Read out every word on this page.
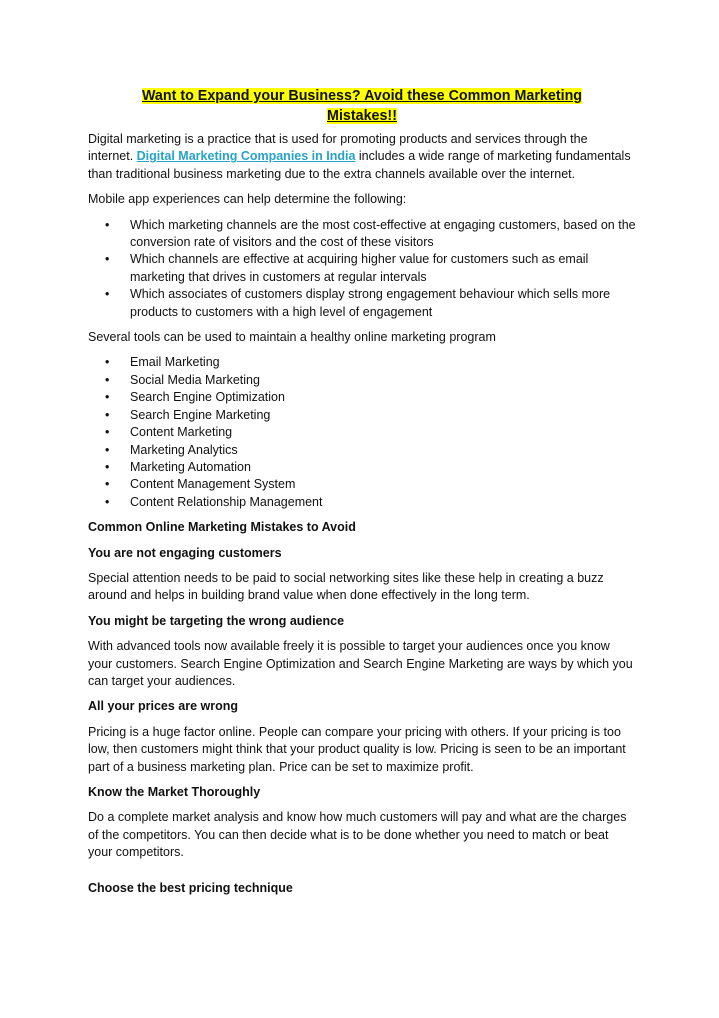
Want to Expand your Business? Avoid these Common Marketing
Mistakes!!

Digital marketing is a practice that is used for promoting products and services through the internet. Digital Marketing Companies in India includes a wide range of marketing fundamentals than traditional business marketing due to the extra channels available over the internet.

Mobile app experiences can help determine the following:

• Which marketing channels are the most cost-effective at engaging customers, based on the conversion rate of visitors and the cost of these visitors
• Which channels are effective at acquiring higher value for customers such as email marketing that drives in customers at regular intervals
• Which associates of customers display strong engagement behaviour which sells more products to customers with a high level of engagement

Several tools can be used to maintain a healthy online marketing program

• Email Marketing
• Social Media Marketing
• Search Engine Optimization
• Search Engine Marketing
• Content Marketing
• Marketing Analytics
• Marketing Automation
• Content Management System
• Content Relationship Management

Common Online Marketing Mistakes to Avoid

You are not engaging customers

Special attention needs to be paid to social networking sites like these help in creating a buzz around and helps in building brand value when done effectively in the long term.

You might be targeting the wrong audience

With advanced tools now available freely it is possible to target your audiences once you know your customers. Search Engine Optimization and Search Engine Marketing are ways by which you can target your audiences.

All your prices are wrong

Pricing is a huge factor online. People can compare your pricing with others. If your pricing is too low, then customers might think that your product quality is low. Pricing is seen to be an important part of a business marketing plan. Price can be set to maximize profit.

Know the Market Thoroughly

Do a complete market analysis and know how much customers will pay and what are the charges of the competitors. You can then decide what is to be done whether you need to match or beat your competitors.

Choose the best pricing technique
